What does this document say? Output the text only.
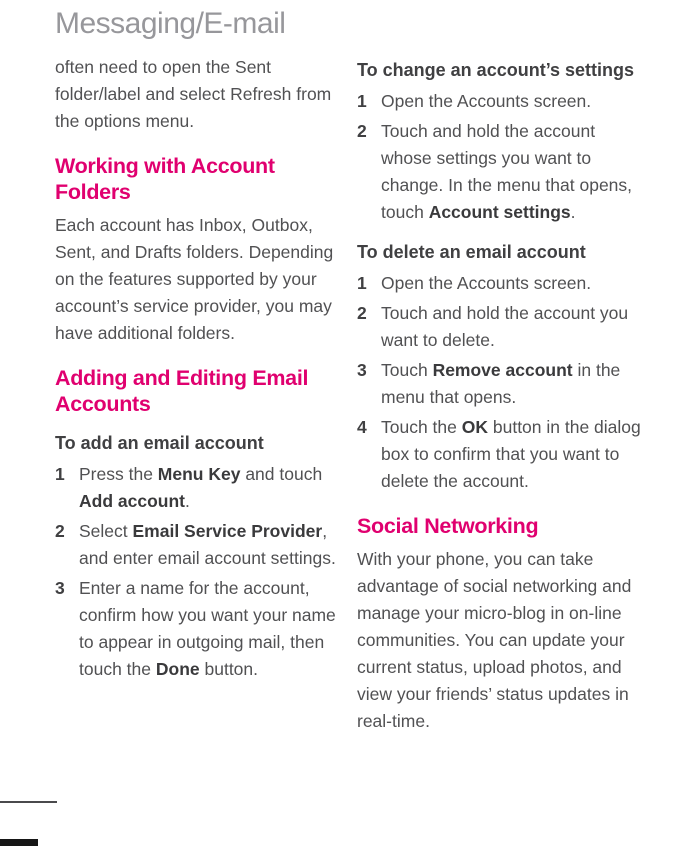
Messaging/E-mail

often need to open the Sent folder/label and select Refresh from the options menu.

Working with Account Folders

Each account has Inbox, Outbox, Sent, and Drafts folders. Depending on the features supported by your account’s service provider, you may have additional folders.

Adding and Editing Email Accounts
To add an email account
1 Press the Menu Key and touch Add account.
2 Select Email Service Provider, and enter email account settings.
3 Enter a name for the account, confirm how you want your name to appear in outgoing mail, then touch the Done button.
To change an account’s settings
1 Open the Accounts screen.
2 Touch and hold the account whose settings you want to change. In the menu that opens, touch Account settings.
To delete an email account
1 Open the Accounts screen.
2 Touch and hold the account you want to delete.
3 Touch Remove account in the menu that opens.
4 Touch the OK button in the dialog box to confirm that you want to delete the account.
Social Networking

With your phone, you can take advantage of social networking and manage your micro-blog in on-line communities. You can update your current status, upload photos, and view your friends’ status updates in real-time.
